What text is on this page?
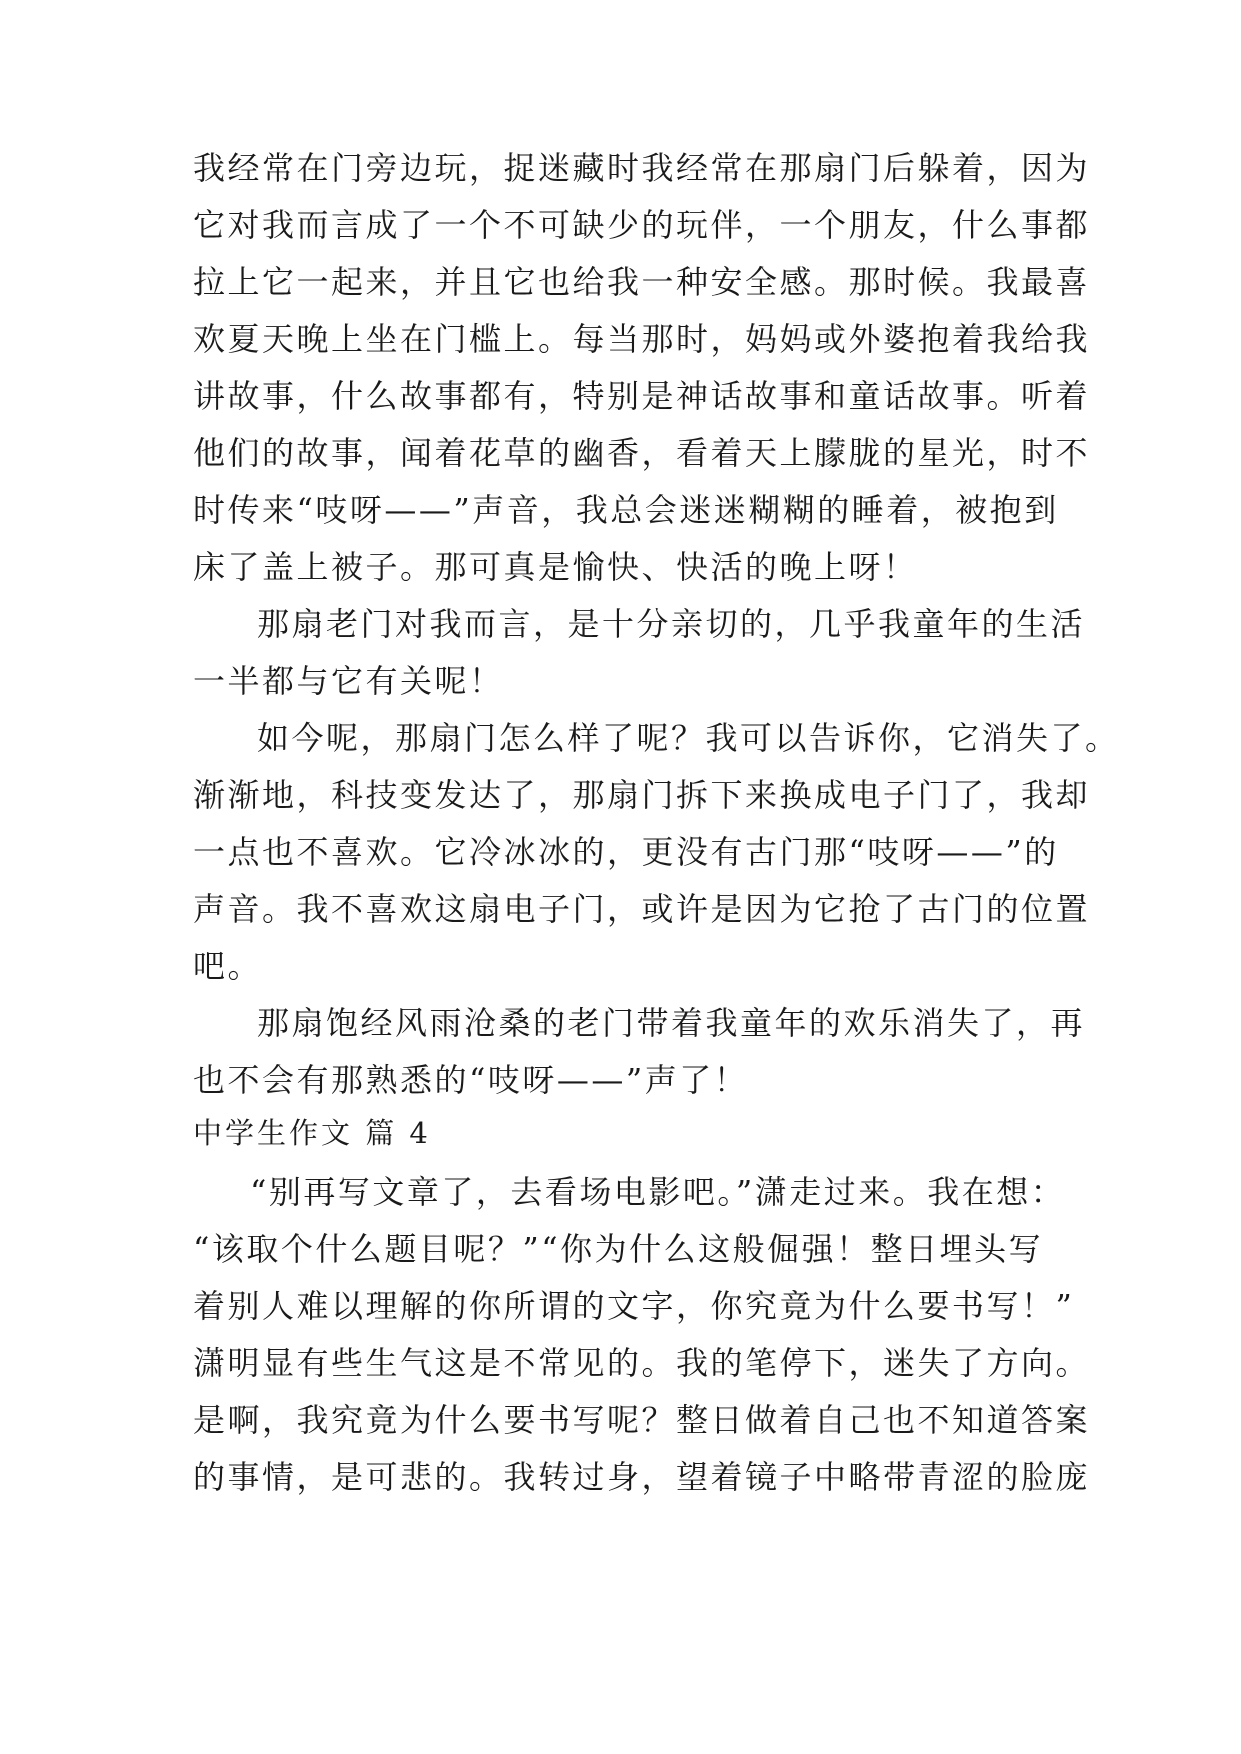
我经常在门旁边玩，捉迷藏时我经常在那扇门后躲着，因为

它对我而言成了一个不可缺少的玩伴，一个朋友，什么事都

拉上它一起来，并且它也给我一种安全感。那时候。我最喜

欢夏天晚上坐在门槛上。每当那时，妈妈或外婆抱着我给我

讲故事，什么故事都有，特别是神话故事和童话故事。听着

他们的故事，闻着花草的幽香，看着天上朦胧的星光，时不

时传来“吱呀——”声音，我总会迷迷糊糊的睡着，被抱到

床了盖上被子。那可真是愉快、快活的晚上呀！

那扇老门对我而言，是十分亲切的，几乎我童年的生活

一半都与它有关呢！

如今呢，那扇门怎么样了呢？我可以告诉你，它消失了。

渐渐地，科技变发达了，那扇门拆下来换成电子门了，我却

一点也不喜欢。它冷冰冰的，更没有古门那“吱呀——”的

声音。我不喜欢这扇电子门，或许是因为它抢了古门的位置

吧。

那扇饱经风雨沧桑的老门带着我童年的欢乐消失了，再

也不会有那熟悉的“吱呀——”声了！

中学生作文 篇 4

“别再写文章了，去看场电影吧。”潇走过来。我在想：

“该取个什么题目呢？”“你为什么这般倔强！整日埋头写

着别人难以理解的你所谓的文字，你究竟为什么要书写！”

潇明显有些生气这是不常见的。我的笔停下，迷失了方向。

是啊，我究竟为什么要书写呢？整日做着自己也不知道答案

的事情，是可悲的。我转过身，望着镜子中略带青涩的脸庞
